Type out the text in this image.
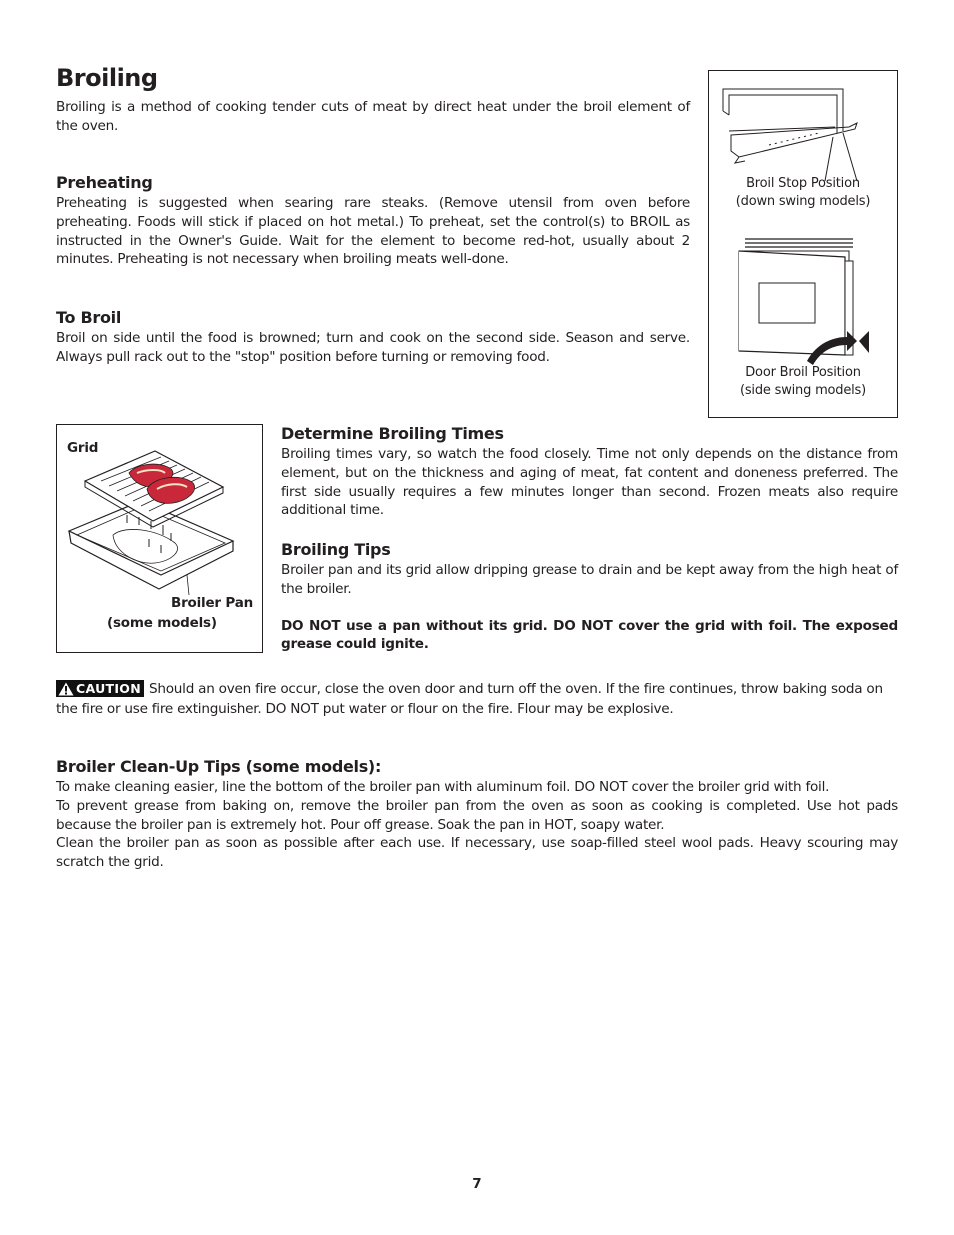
Broiling

Broiling is a method of cooking tender cuts of meat by direct heat under the broil element of the oven.

Preheating

Preheating is suggested when searing rare steaks. (Remove utensil from oven before preheating. Foods will stick if placed on hot metal.) To preheat, set the control(s) to BROIL as instructed in the Owner's Guide. Wait for the element to become red-hot, usually about 2 minutes. Preheating is not necessary when broiling meats well-done.

To Broil

Broil on side until the food is browned; turn and cook on the second side. Season and serve. Always pull rack out to the "stop" position before turning or removing food.

Broil Stop Position
(down swing models)
Door Broil Position
(side swing models)
Grid
Broiler Pan
(some models)
Determine Broiling Times

Broiling times vary, so watch the food closely. Time not only depends on the distance from element, but on the thickness and aging of meat, fat content and doneness preferred. The first side usually requires a few minutes longer than second. Frozen meats also require additional time.

Broiling Tips

Broiler pan and its grid allow dripping grease to drain and be kept away from the high heat of the broiler.

DO NOT use a pan without its grid. DO NOT cover the grid with foil. The exposed grease could ignite.

CAUTION Should an oven fire occur, close the oven door and turn off the oven. If the fire continues, throw baking soda on the fire or use fire extinguisher. DO NOT put water or flour on the fire. Flour may be explosive.

Broiler Clean-Up Tips (some models):

To make cleaning easier, line the bottom of the broiler pan with aluminum foil. DO NOT cover the broiler grid with foil.

To prevent grease from baking on, remove the broiler pan from the oven as soon as cooking is completed. Use hot pads because the broiler pan is extremely hot. Pour off grease. Soak the pan in HOT, soapy water.

Clean the broiler pan as soon as possible after each use. If necessary, use soap-filled steel wool pads. Heavy scouring may scratch the grid.

7
